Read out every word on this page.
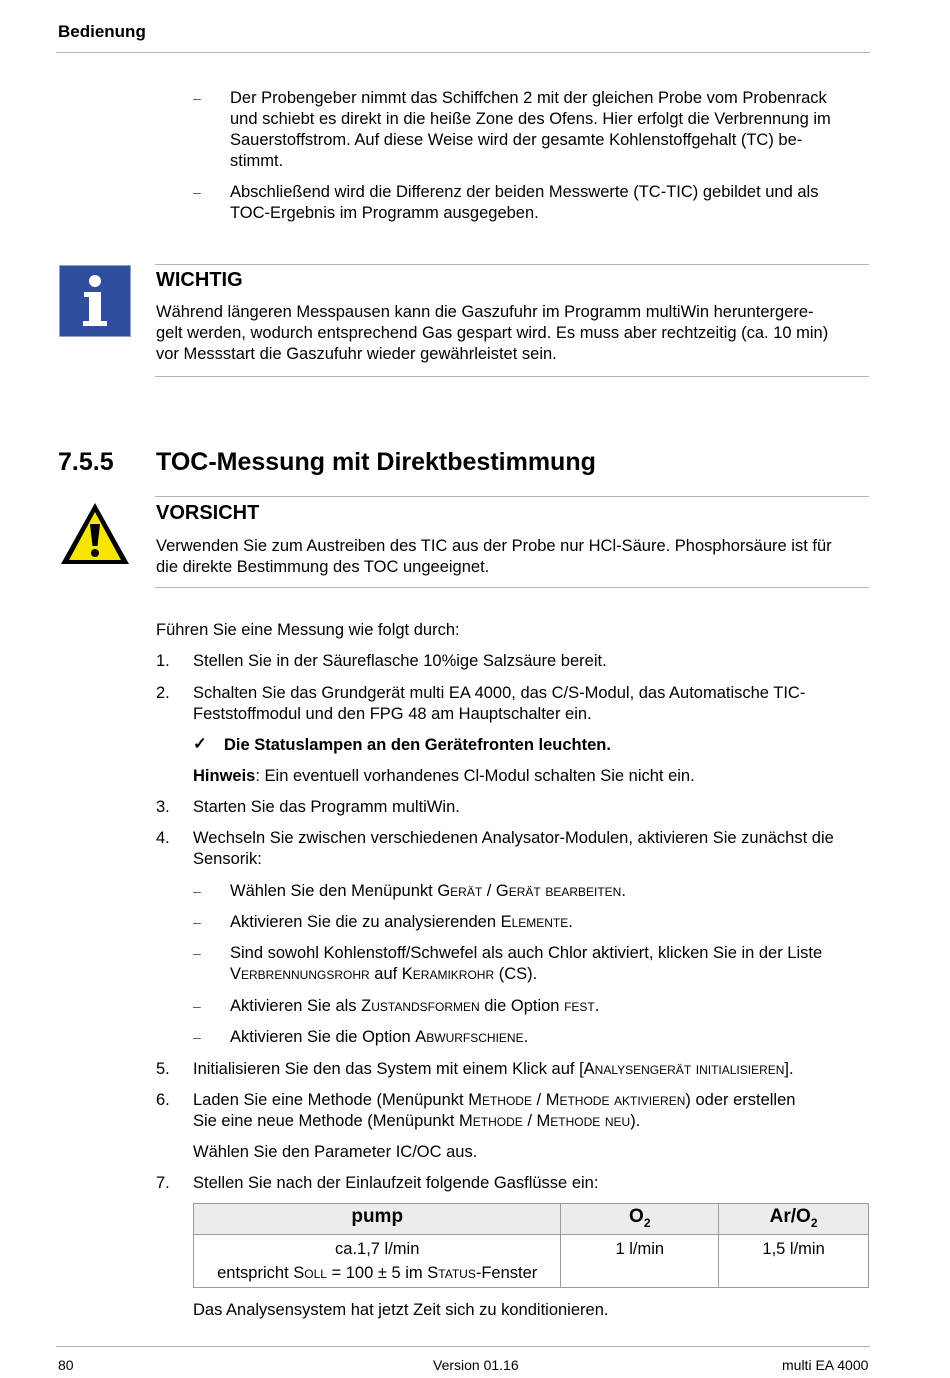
Bedienung
– Der Probengeber nimmt das Schiffchen 2 mit der gleichen Probe vom Probenrack
und schiebt es direkt in die heiße Zone des Ofens. Hier erfolgt die Verbrennung im
Sauerstoffstrom. Auf diese Weise wird der gesamte Kohlenstoffgehalt (TC) be-
stimmt.
– Abschließend wird die Differenz der beiden Messwerte (TC-TIC) gebildet und als
TOC-Ergebnis im Programm ausgegeben.
WICHTIG
Während längeren Messpausen kann die Gaszufuhr im Programm multiWin heruntergere-
gelt werden, wodurch entsprechend Gas gespart wird. Es muss aber rechtzeitig (ca. 10 min)
vor Messstart die Gaszufuhr wieder gewährleistet sein.
7.5.5 TOC-Messung mit Direktbestimmung
VORSICHT
Verwenden Sie zum Austreiben des TIC aus der Probe nur HCl-Säure. Phosphorsäure ist für
die direkte Bestimmung des TOC ungeeignet.
Führen Sie eine Messung wie folgt durch:
1. Stellen Sie in der Säureflasche 10%ige Salzsäure bereit.
2. Schalten Sie das Grundgerät multi EA 4000, das C/S-Modul, das Automatische TIC-
Feststoffmodul und den FPG 48 am Hauptschalter ein.
✓ Die Statuslampen an den Gerätefronten leuchten.
Hinweis: Ein eventuell vorhandenes Cl-Modul schalten Sie nicht ein.
3. Starten Sie das Programm multiWin.
4. Wechseln Sie zwischen verschiedenen Analysator-Modulen, aktivieren Sie zunächst die
Sensorik:
– Wählen Sie den Menüpunkt Gerät / Gerät bearbeiten.
– Aktivieren Sie die zu analysierenden Elemente.
– Sind sowohl Kohlenstoff/Schwefel als auch Chlor aktiviert, klicken Sie in der Liste
Verbrennungsrohr auf Keramikrohr (CS).
– Aktivieren Sie als Zustandsformen die Option fest.
– Aktivieren Sie die Option Abwurfschiene.
5. Initialisieren Sie den das System mit einem Klick auf [Analysengerät initialisieren].
6. Laden Sie eine Methode (Menüpunkt Methode / Methode aktivieren) oder erstellen
Sie eine neue Methode (Menüpunkt Methode / Methode neu).
Wählen Sie den Parameter IC/OC aus.
7. Stellen Sie nach der Einlaufzeit folgende Gasflüsse ein:
pump	$O_2$	$Ar/O_2$

ca.1,7 l/min
entspricht Soll = 100 ± 5 im Status-Fenster	1 l/min	1,5 l/min
Das Analysensystem hat jetzt Zeit sich zu konditionieren.
80	Version 01.16	multi EA 4000
